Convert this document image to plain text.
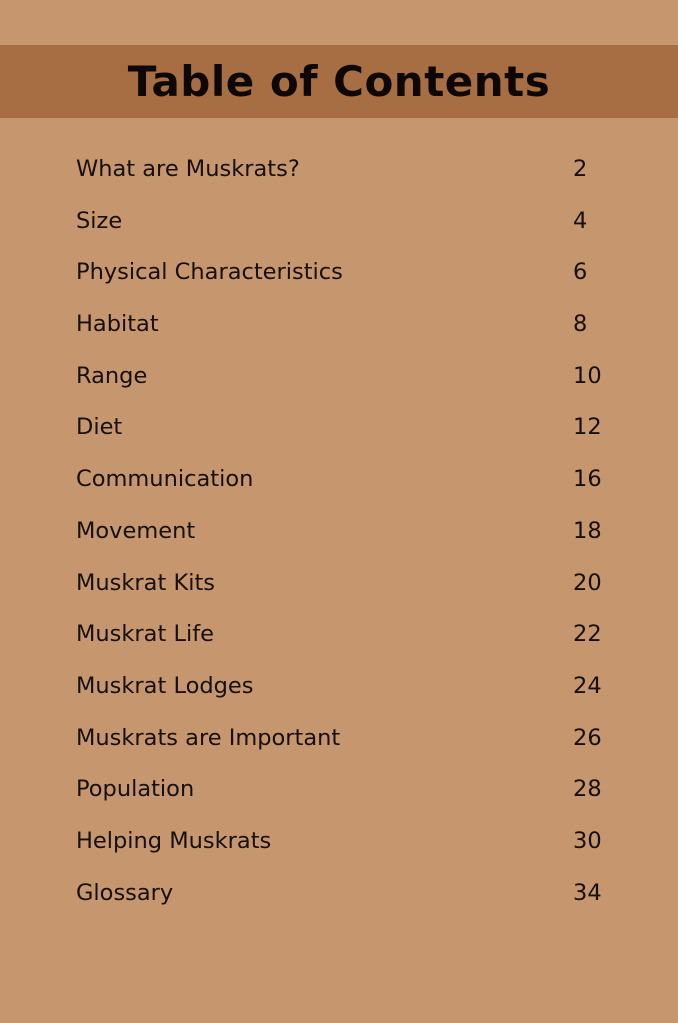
Table of Contents
What are Muskrats?	2
Size	4
Physical Characteristics	6
Habitat	8
Range	10
Diet	12
Communication	16
Movement	18
Muskrat Kits	20
Muskrat Life	22
Muskrat Lodges	24
Muskrats are Important	26
Population	28
Helping Muskrats	30
Glossary	34
